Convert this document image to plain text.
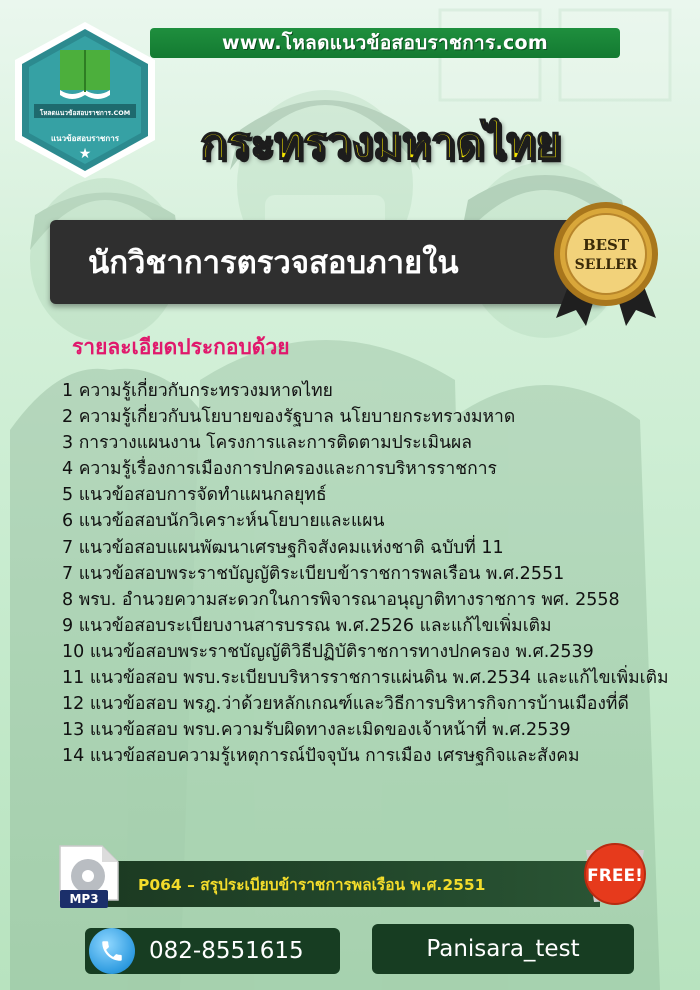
www.โหลดแนวข้อสอบราชการ.com
★
โหลดแนวข้อสอบราชการ.COM
แนวข้อสอบราชการ	กระทรวงมหาดไทย
นักวิชาการตรวจสอบภายใน	BEST
SELLER
รายละเอียดประกอบด้วย
1 ความรู้เกี่ยวกับกระทรวงมหาดไทย
2 ความรู้เกี่ยวกับนโยบายของรัฐบาล นโยบายกระทรวงมหาด
3 การวางแผนงาน โครงการและการติดตามประเมินผล
4 ความรู้เรื่องการเมืองการปกครองและการบริหารราชการ
5 แนวข้อสอบการจัดทำแผนกลยุทธ์
6 แนวข้อสอบนักวิเคราะห์นโยบายและแผน
7 แนวข้อสอบแผนพัฒนาเศรษฐกิจสังคมแห่งชาติ ฉบับที่ 11
7 แนวข้อสอบพระราชบัญญัติระเบียบข้าราชการพลเรือน พ.ศ.2551
8 พรบ. อำนวยความสะดวกในการพิจารณาอนุญาติทางราชการ พศ. 2558
9 แนวข้อสอบระเบียบงานสารบรรณ พ.ศ.2526 และแก้ไขเพิ่มเติม
10 แนวข้อสอบพระราชบัญญัติวิธีปฏิบัติราชการทางปกครอง พ.ศ.2539
11 แนวข้อสอบ พรบ.ระเบียบบริหารราชการแผ่นดิน พ.ศ.2534 และแก้ไขเพิ่มเติม
12 แนวข้อสอบ พรฎ.ว่าด้วยหลักเกณฑ์และวิธีการบริหารกิจการบ้านเมืองที่ดี
13 แนวข้อสอบ พรบ.ความรับผิดทางละเมิดของเจ้าหน้าที่ พ.ศ.2539
14 แนวข้อสอบความรู้เหตุการณ์ปัจจุบัน การเมือง เศรษฐกิจและสังคม
P064 – สรุประเบียบข้าราชการพลเรือน พ.ศ.2551
MP3
FREE!
082-8551615	Panisara_test
